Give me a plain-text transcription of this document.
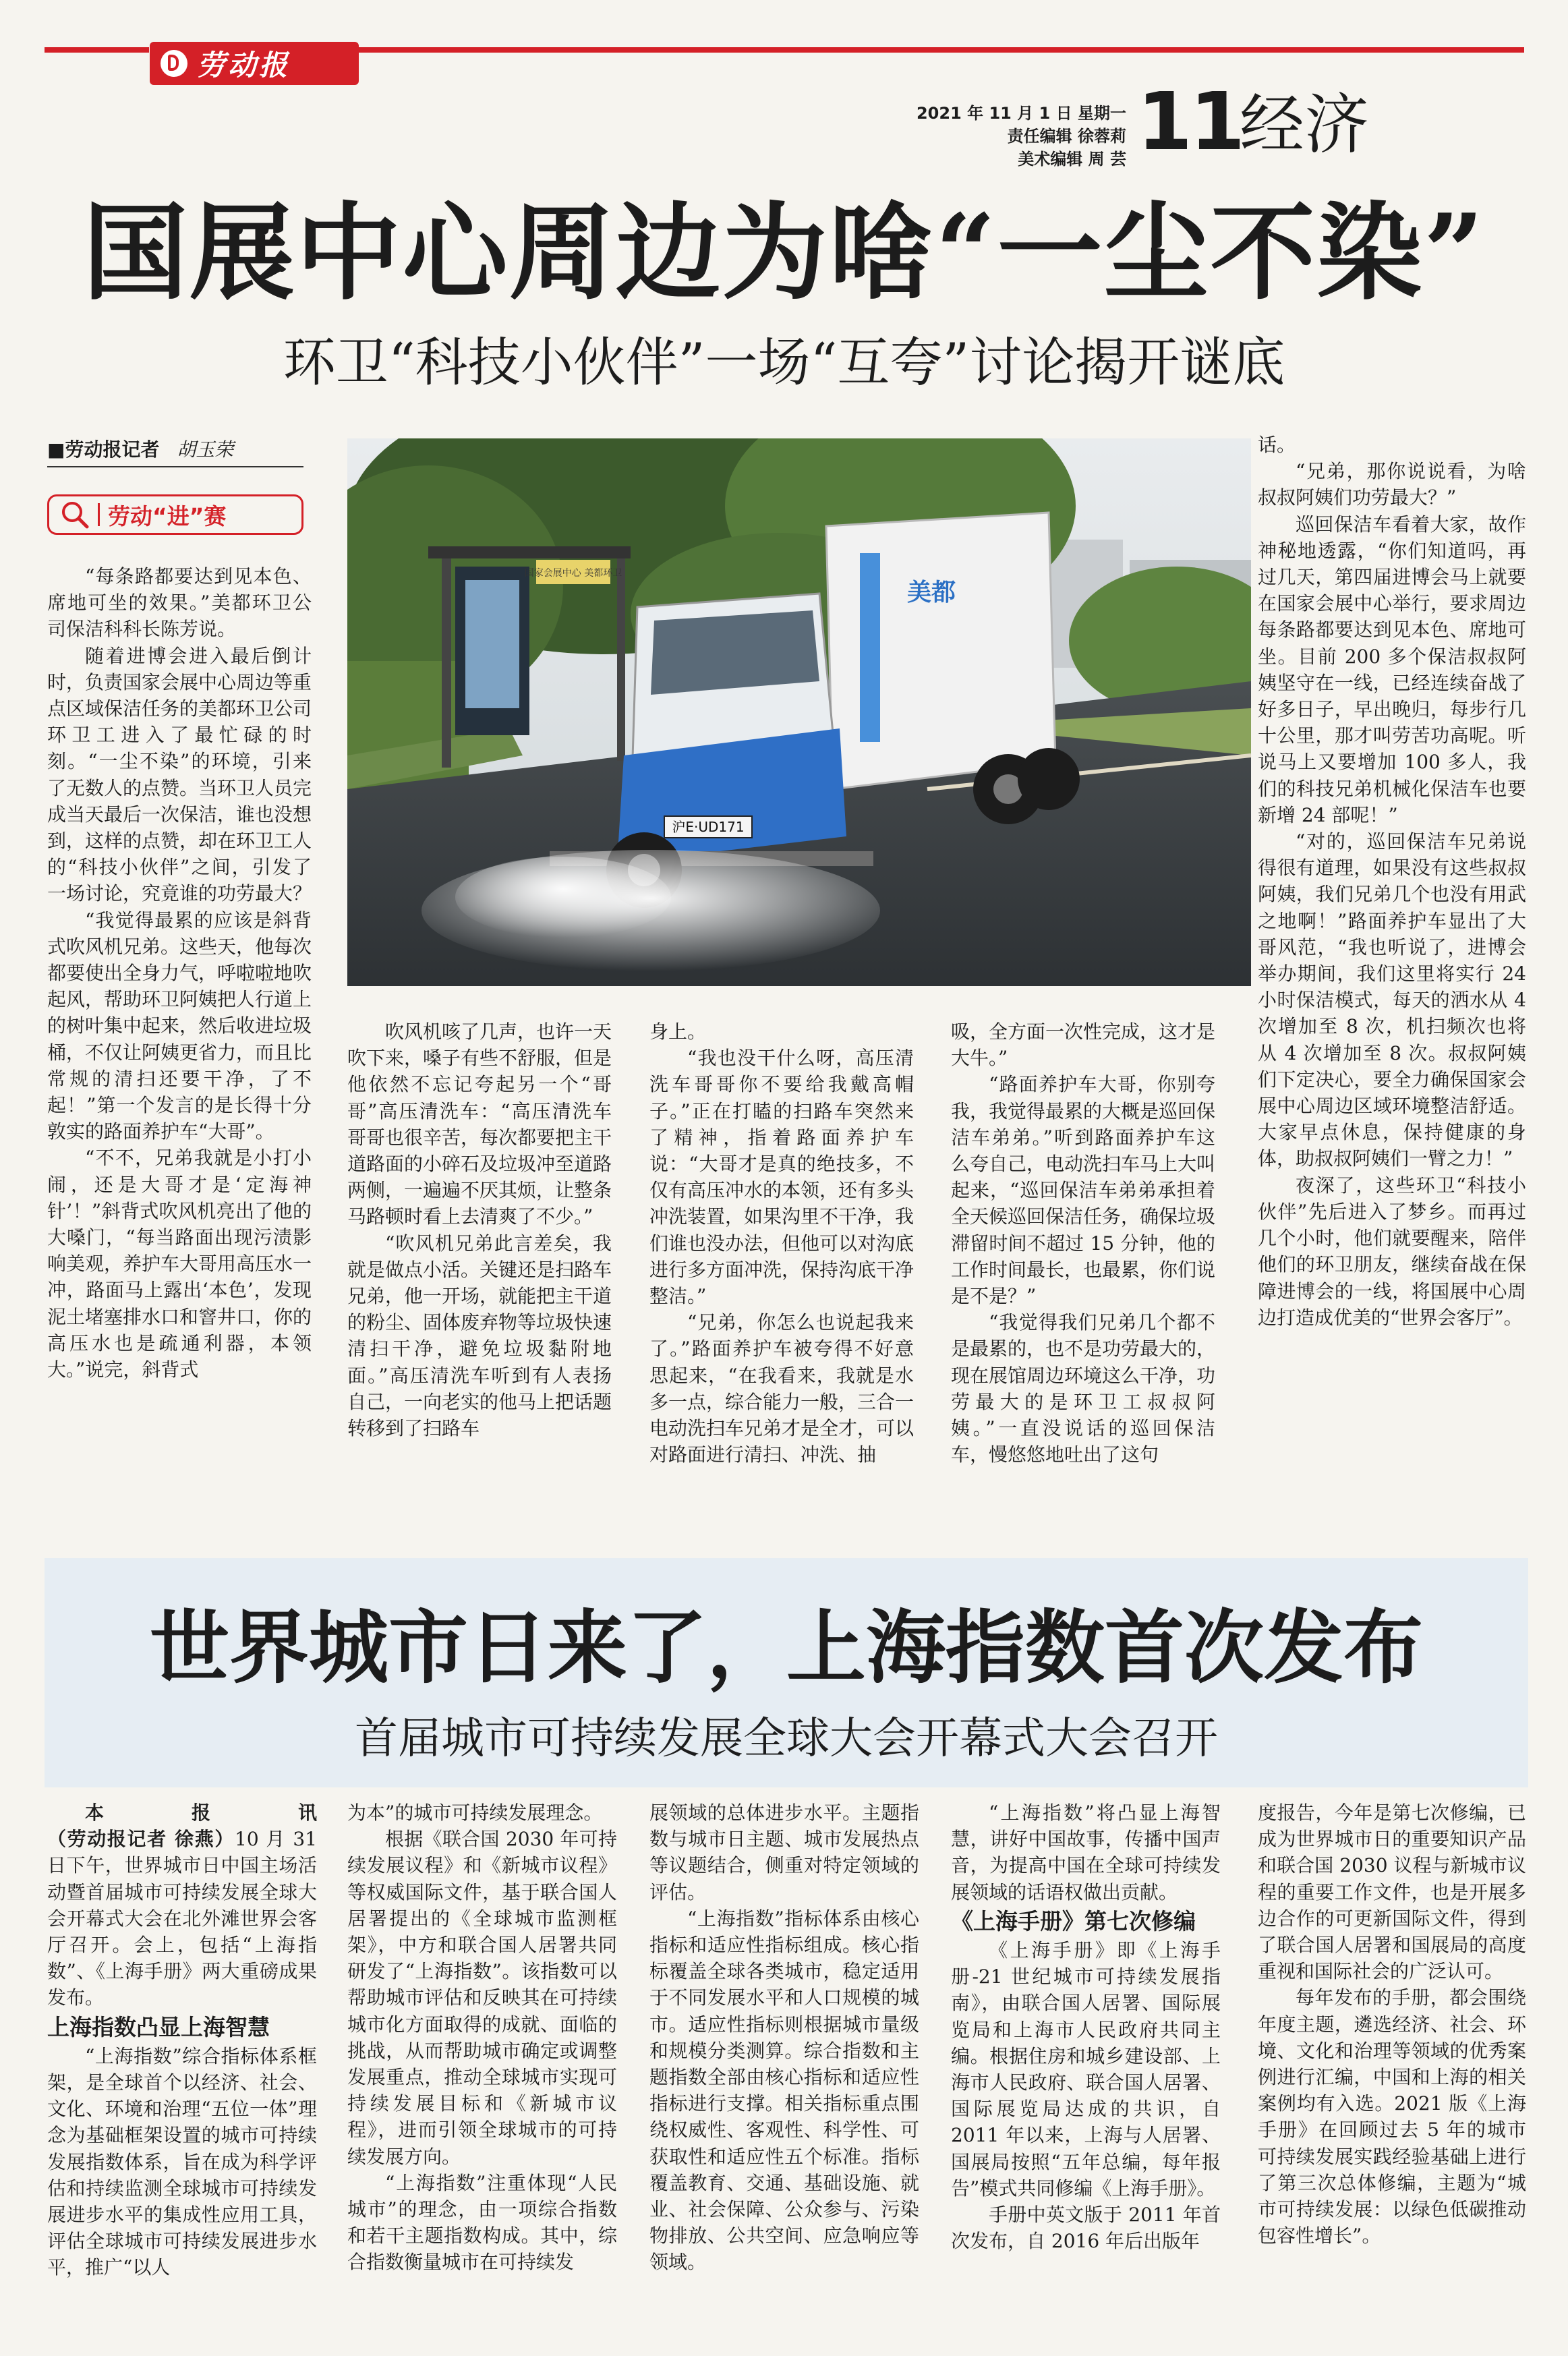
劳动报
2021 年 11 月 1 日 星期一
责任编辑 徐蓉莉
美术编辑 周 芸 11
经济
国展中心周边为啥“一尘不染”
环卫“科技小伙伴”一场“互夸”讨论揭开谜底
■劳动报记者 胡玉荣
劳动“进”赛
国家会展中心 美都环卫
美都
沪E·UD171

“每条路都要达到见本色、席地可坐的效果。”美都环卫公司保洁科科长陈芳说。

随着进博会进入最后倒计时，负责国家会展中心周边等重点区域保洁任务的美都环卫公司环卫工进入了最忙碌的时刻。“一尘不染”的环境，引来了无数人的点赞。当环卫人员完成当天最后一次保洁，谁也没想到，这样的点赞，却在环卫工人的“科技小伙伴”之间，引发了一场讨论，究竟谁的功劳最大？

“我觉得最累的应该是斜背式吹风机兄弟。这些天，他每次都要使出全身力气，呼啦啦地吹起风，帮助环卫阿姨把人行道上的树叶集中起来，然后收进垃圾桶，不仅让阿姨更省力，而且比常规的清扫还要干净，了不起！”第一个发言的是长得十分敦实的路面养护车“大哥”。

“不不，兄弟我就是小打小闹，还是大哥才是‘定海神针’！”斜背式吹风机亮出了他的大嗓门，“每当路面出现污渍影响美观，养护车大哥用高压水一冲，路面马上露出‘本色’，发现泥土堵塞排水口和窨井口，你的高压水也是疏通利器，本领大。”说完，斜背式

吹风机咳了几声，也许一天吹下来，嗓子有些不舒服，但是他依然不忘记夸起另一个“哥哥”高压清洗车：“高压清洗车哥哥也很辛苦，每次都要把主干道路面的小碎石及垃圾冲至道路两侧，一遍遍不厌其烦，让整条马路顿时看上去清爽了不少。”

“吹风机兄弟此言差矣，我就是做点小活。关键还是扫路车兄弟，他一开场，就能把主干道的粉尘、固体废弃物等垃圾快速清扫干净，避免垃圾黏附地面。”高压清洗车听到有人表扬自己，一向老实的他马上把话题转移到了扫路车

身上。

“我也没干什么呀，高压清洗车哥哥你不要给我戴高帽子。”正在打瞌的扫路车突然来了精神，指着路面养护车说：“大哥才是真的绝技多，不仅有高压冲水的本领，还有多头冲洗装置，如果沟里不干净，我们谁也没办法，但他可以对沟底进行多方面冲洗，保持沟底干净整洁。”

“兄弟，你怎么也说起我来了。”路面养护车被夸得不好意思起来，“在我看来，我就是水多一点，综合能力一般，三合一电动洗扫车兄弟才是全才，可以对路面进行清扫、冲洗、抽

吸，全方面一次性完成，这才是大牛。”

“路面养护车大哥，你别夸我，我觉得最累的大概是巡回保洁车弟弟。”听到路面养护车这么夸自己，电动洗扫车马上大叫起来，“巡回保洁车弟弟承担着全天候巡回保洁任务，确保垃圾滞留时间不超过 15 分钟，他的工作时间最长，也最累，你们说是不是？”

“我觉得我们兄弟几个都不是最累的，也不是功劳最大的，现在展馆周边环境这么干净，功劳最大的是环卫工叔叔阿姨。”一直没说话的巡回保洁车，慢悠悠地吐出了这句

话。

“兄弟，那你说说看，为啥叔叔阿姨们功劳最大？”

巡回保洁车看着大家，故作神秘地透露，“你们知道吗，再过几天，第四届进博会马上就要在国家会展中心举行，要求周边每条路都要达到见本色、席地可坐。目前 200 多个保洁叔叔阿姨坚守在一线，已经连续奋战了好多日子，早出晚归，每步行几十公里，那才叫劳苦功高呢。听说马上又要增加 100 多人，我们的科技兄弟机械化保洁车也要新增 24 部呢！”

“对的，巡回保洁车兄弟说得很有道理，如果没有这些叔叔阿姨，我们兄弟几个也没有用武之地啊！”路面养护车显出了大哥风范，“我也听说了，进博会举办期间，我们这里将实行 24 小时保洁模式，每天的洒水从 4 次增加至 8 次，机扫频次也将从 4 次增加至 8 次。叔叔阿姨们下定决心，要全力确保国家会展中心周边区域环境整洁舒适。大家早点休息，保持健康的身体，助叔叔阿姨们一臂之力！”

夜深了，这些环卫“科技小伙伴”先后进入了梦乡。而再过几个小时，他们就要醒来，陪伴他们的环卫朋友，继续奋战在保障进博会的一线，将国展中心周边打造成优美的“世界会客厅”。

世界城市日来了，上海指数首次发布
首届城市可持续发展全球大会开幕式大会召开

本报讯（劳动报记者 徐燕）10 月 31 日下午，世界城市日中国主场活动暨首届城市可持续发展全球大会开幕式大会在北外滩世界会客厅召开。会上，包括“上海指数”、《上海手册》两大重磅成果发布。

上海指数凸显上海智慧

“上海指数”综合指标体系框架，是全球首个以经济、社会、文化、环境和治理“五位一体”理念为基础框架设置的城市可持续发展指数体系，旨在成为科学评估和持续监测全球城市可持续发展进步水平的集成性应用工具，评估全球城市可持续发展进步水平，推广“以人

为本”的城市可持续发展理念。

根据《联合国 2030 年可持续发展议程》和《新城市议程》等权威国际文件，基于联合国人居署提出的《全球城市监测框架》，中方和联合国人居署共同研发了“上海指数”。该指数可以帮助城市评估和反映其在可持续城市化方面取得的成就、面临的挑战，从而帮助城市确定或调整发展重点，推动全球城市实现可持续发展目标和《新城市议程》，进而引领全球城市的可持续发展方向。

“上海指数”注重体现“人民城市”的理念，由一项综合指数和若干主题指数构成。其中，综合指数衡量城市在可持续发

展领域的总体进步水平。主题指数与城市日主题、城市发展热点等议题结合，侧重对特定领域的评估。

“上海指数”指标体系由核心指标和适应性指标组成。核心指标覆盖全球各类城市，稳定适用于不同发展水平和人口规模的城市。适应性指标则根据城市量级和规模分类测算。综合指数和主题指数全部由核心指标和适应性指标进行支撑。相关指标重点围绕权威性、客观性、科学性、可获取性和适应性五个标准。指标覆盖教育、交通、基础设施、就业、社会保障、公众参与、污染物排放、公共空间、应急响应等领域。

“上海指数”将凸显上海智慧，讲好中国故事，传播中国声音，为提高中国在全球可持续发展领域的话语权做出贡献。

《上海手册》第七次修编

《上海手册》即《上海手册-21 世纪城市可持续发展指南》，由联合国人居署、国际展览局和上海市人民政府共同主编。根据住房和城乡建设部、上海市人民政府、联合国人居署、国际展览局达成的共识，自 2011 年以来，上海与人居署、国展局按照“五年总编，每年报告”模式共同修编《上海手册》。

手册中英文版于 2011 年首次发布，自 2016 年后出版年

度报告，今年是第七次修编，已成为世界城市日的重要知识产品和联合国 2030 议程与新城市议程的重要工作文件，也是开展多边合作的可更新国际文件，得到了联合国人居署和国展局的高度重视和国际社会的广泛认可。

每年发布的手册，都会围绕年度主题，遴选经济、社会、环境、文化和治理等领域的优秀案例进行汇编，中国和上海的相关案例均有入选。2021 版《上海手册》在回顾过去 5 年的城市可持续发展实践经验基础上进行了第三次总体修编，主题为“城市可持续发展：以绿色低碳推动包容性增长”。
